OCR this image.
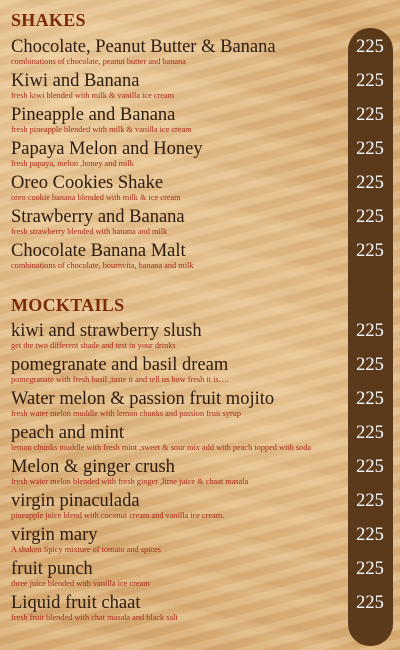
SHAKES
Chocolate, Peanut Butter & Banana
combinations of chocolate, peanut butter and banana
225
Kiwi and Banana
fresh kiwi blended with milk & vanilla ice cream
225
Pineapple and Banana
fresh pineapple blended with milk & vanilla ice cream
225
Papaya Melon and Honey
fresh papaya, melon ,honey and milk
225
Oreo Cookies Shake
oreo cookie banana blended with milk & ice cream
225
Strawberry and Banana
fresh strawberry blended with banana and milk
225
Chocolate Banana Malt
combinations of chocolate, bournvita, banana and milk
225
MOCKTAILS
kiwi and strawberry slush
get the two different shade and test in your drinks
225
pomegranate and basil dream
pomegranate with fresh basil ,taste it and tell us how fresh it is….
225
Water melon & passion fruit mojito
fresh water melon muddle with lemon chunks and passion fruit syrup
225
peach and mint
lemon chunks muddle with fresh mint ,sweet & sour mix add with peach topped with soda
225
Melon & ginger crush
fresh water melon blended with fresh ginger ,lime juice & chaat masala
225
virgin pinaculada
pineapple juice blend with coconut cream and vanilla ice cream.
225
virgin mary
A shaken Spicy mixture of tomato and spices
225
fruit punch
three juice blended with vanilla ice cream
225
Liquid fruit chaat
fresh fruit blended with chat masala and black salt
225
